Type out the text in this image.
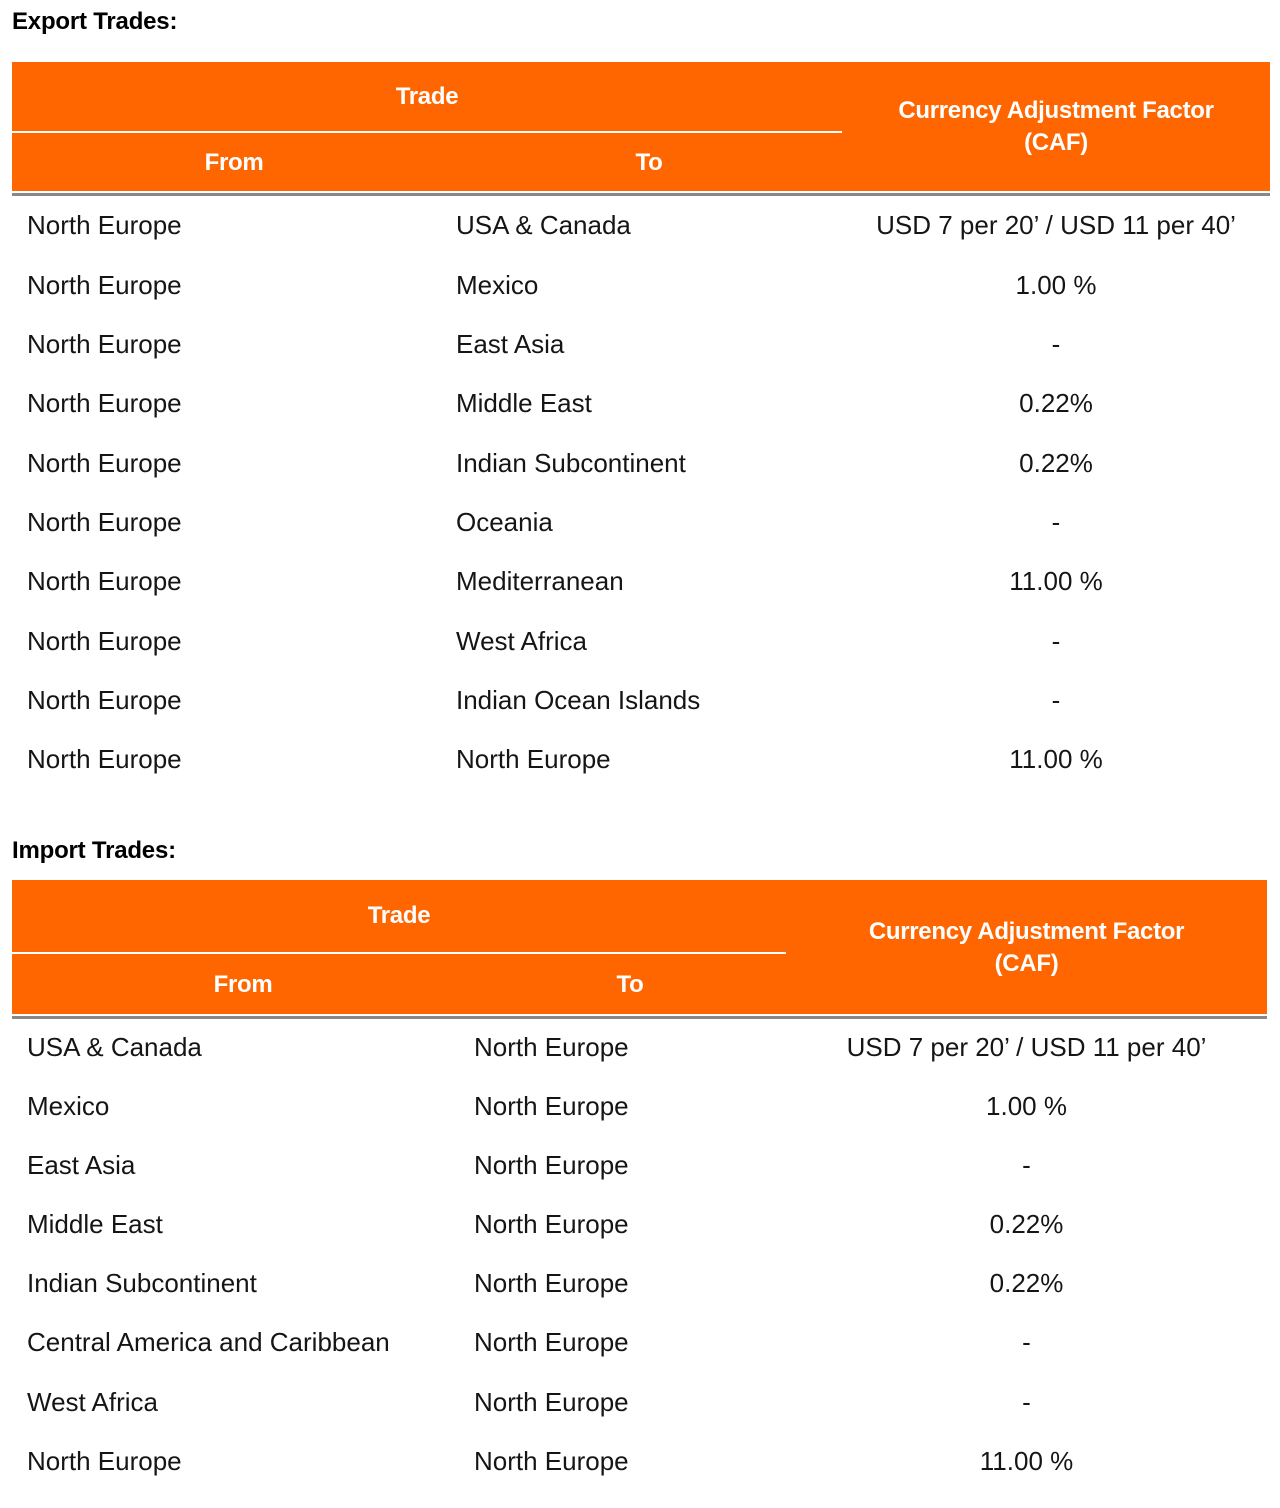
Export Trades:
Trade		Currency Adjustment Factor
(CAF)

From	To	
North Europe	USA & Canada	USD 7 per 20’ / USD 11 per 40’
North Europe	Mexico	1.00 %
North Europe	East Asia	-
North Europe	Middle East	0.22%
North Europe	Indian Subcontinent	0.22%
North Europe	Oceania	-
North Europe	Mediterranean	11.00 %
North Europe	West Africa	-
North Europe	Indian Ocean Islands	-
North Europe	North Europe	11.00 %
Import Trades:
Trade		Currency Adjustment Factor
(CAF)

From	To	
USA & Canada	North Europe	USD 7 per 20’ / USD 11 per 40’
Mexico	North Europe	1.00 %
East Asia	North Europe	-
Middle East	North Europe	0.22%
Indian Subcontinent	North Europe	0.22%
Central America and Caribbean	North Europe	-
West Africa	North Europe	-
North Europe	North Europe	11.00 %
